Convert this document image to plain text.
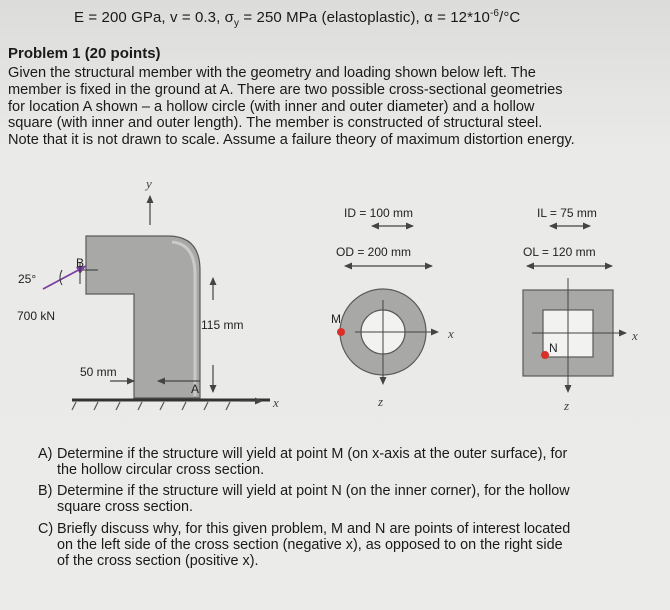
E = 200 GPa, v = 0.3, $\sigma_y = 250$ MPa (elastoplastic), $\alpha = 12*10^{-6}/^\circ C$
Problem 1 (20 points)
Given the structural member with the geometry and loading shown below left. The
member is fixed in the ground at A. There are two possible cross-sectional geometries
for location A shown – a hollow circle (with inner and outer diameter) and a hollow
square (with inner and outer length). The member is constructed of structural steel.
Note that it is not drawn to scale. Assume a failure theory of maximum distortion energy.
y
x
115 mm
50 mm
A
B
25°
700 kN
ID = 100 mm
OD = 200 mm
M
x
z
IL = 75 mm
OL = 120 mm
N
x
z
A) Determine if the structure will yield at point M (on x-axis at the outer surface), for
the hollow circular cross section.
B) Determine if the structure will yield at point N (on the inner corner), for the hollow
square cross section.
C) Briefly discuss why, for this given problem, M and N are points of interest located
on the left side of the cross section (negative x), as opposed to on the right side
of the cross section (positive x).
